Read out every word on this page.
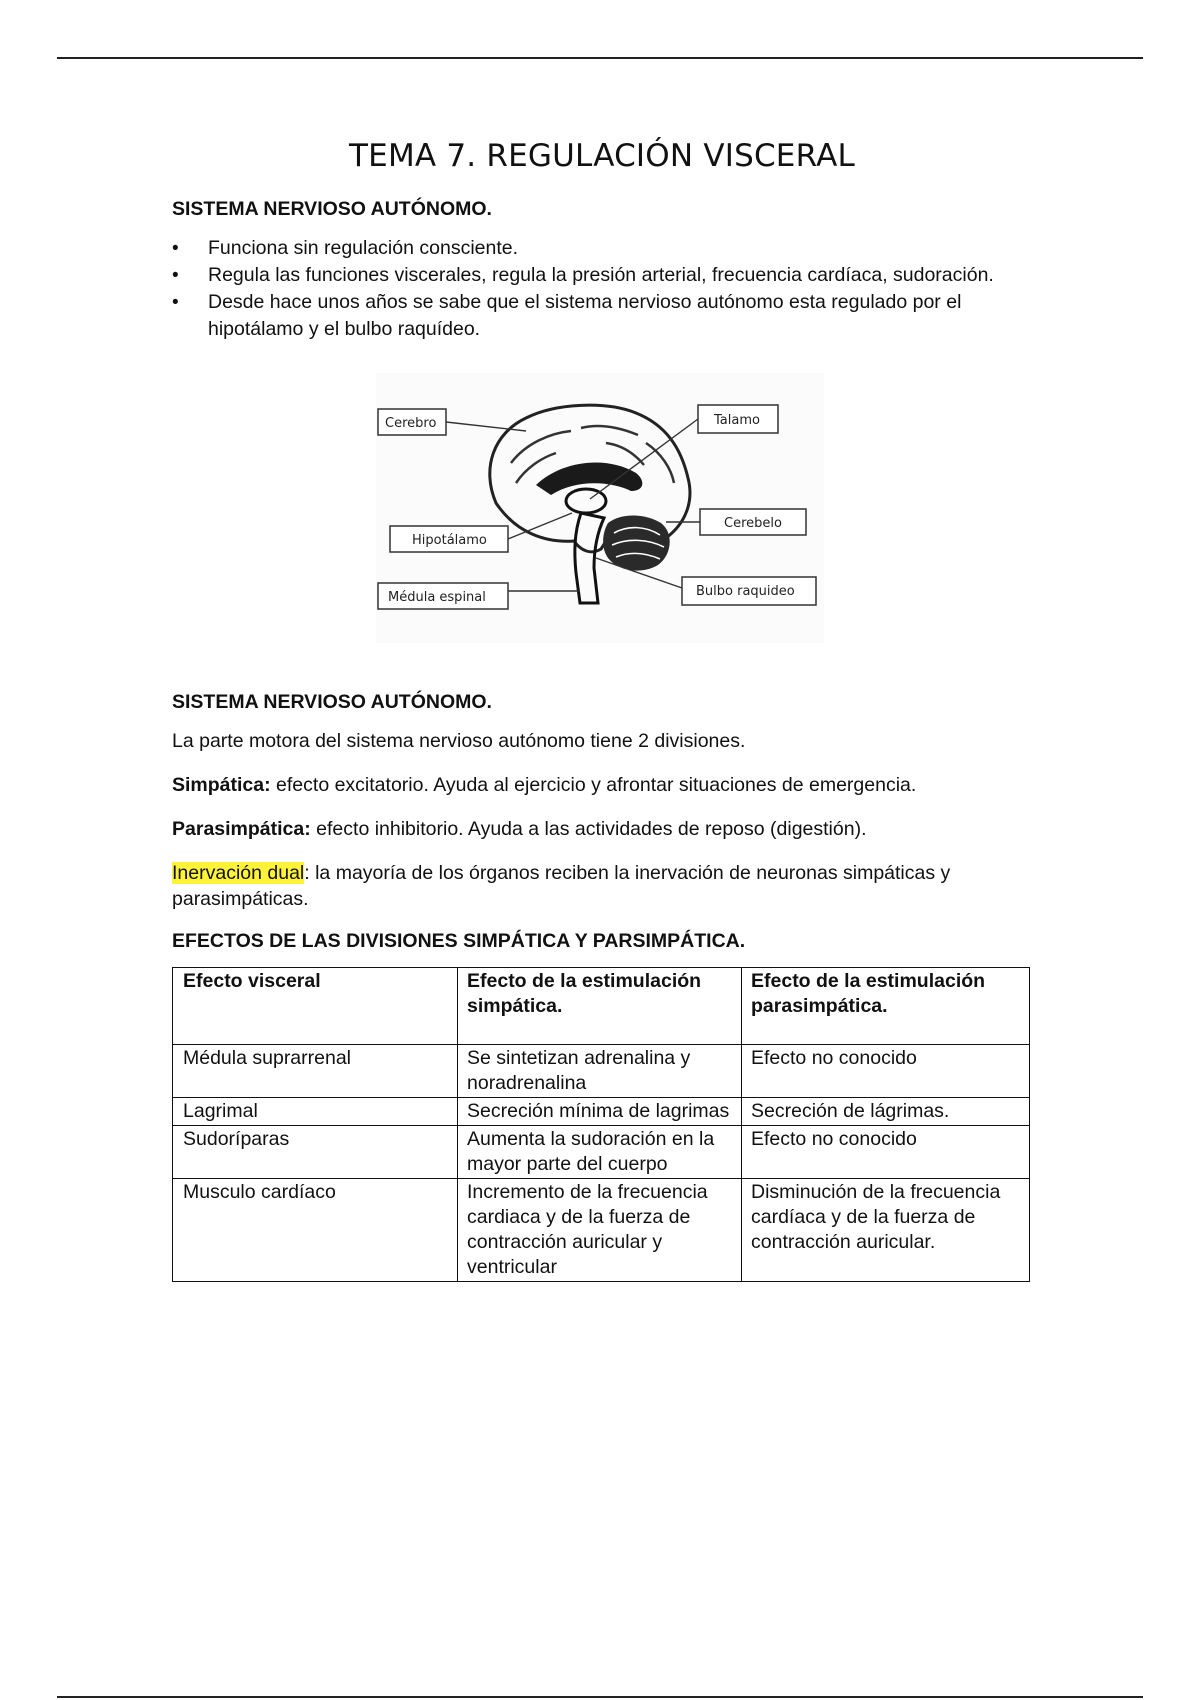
TEMA 7. REGULACIÓN VISCERAL
SISTEMA NERVIOSO AUTÓNOMO.
• Funciona sin regulación consciente.
• Regula las funciones viscerales, regula la presión arterial, frecuencia cardíaca, sudoración.
• Desde hace unos años se sabe que el sistema nervioso autónomo esta regulado por el hipotálamo y el bulbo raquídeo.
Cerebro	Talamo
Cerebelo
Hipotálamo
Médula espinal	Bulbo raquideo
SISTEMA NERVIOSO AUTÓNOMO.

La parte motora del sistema nervioso autónomo tiene 2 divisiones.

Simpática: efecto excitatorio. Ayuda al ejercicio y afrontar situaciones de emergencia.

Parasimpática: efecto inhibitorio. Ayuda a las actividades de reposo (digestión).

Inervación dual: la mayoría de los órganos reciben la inervación de neuronas simpáticas y parasimpáticas.

EFECTOS DE LAS DIVISIONES SIMPÁTICA Y PARSIMPÁTICA.
Efecto visceral	Efecto de la estimulación simpática.	Efecto de la estimulación parasimpática.
Médula suprarrenal	Se sintetizan adrenalina y noradrenalina	Efecto no conocido
Lagrimal	Secreción mínima de lagrimas	Secreción de lágrimas.
Sudoríparas	Aumenta la sudoración en la mayor parte del cuerpo	Efecto no conocido
Musculo cardíaco	Incremento de la frecuencia cardiaca y de la fuerza de contracción auricular y ventricular	Disminución de la frecuencia cardíaca y de la fuerza de contracción auricular.
